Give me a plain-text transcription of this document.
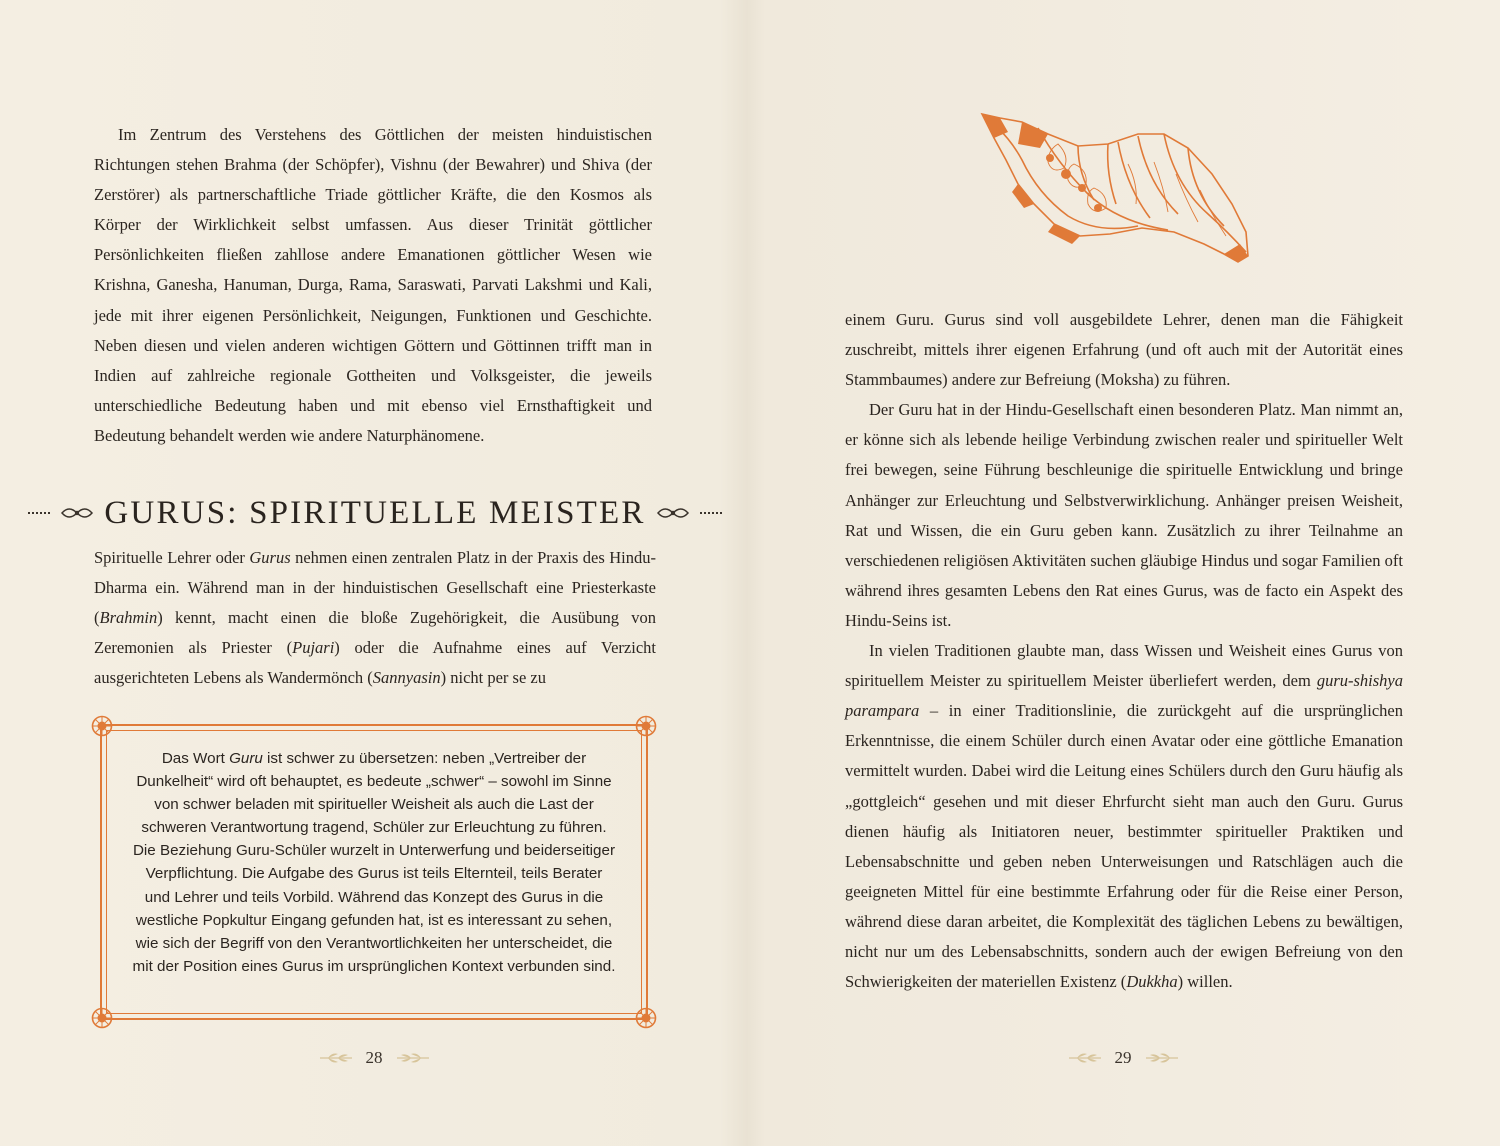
Im Zentrum des Verstehens des Göttlichen der meisten hinduistischen Richtungen stehen Brahma (der Schöpfer), Vishnu (der Bewahrer) und Shiva (der Zerstörer) als partnerschaftliche Triade göttlicher Kräfte, die den Kosmos als Körper der Wirklichkeit selbst umfassen. Aus dieser Trinität göttlicher Persönlichkeiten fließen zahllose andere Emanationen göttlicher Wesen wie Krishna, Ganesha, Hanuman, Durga, Rama, Saraswati, Parvati Lakshmi und Kali, jede mit ihrer eigenen Persönlichkeit, Neigungen, Funktionen und Geschichte. Neben diesen und vielen anderen wichtigen Göttern und Göttinnen trifft man in Indien auf zahlreiche regionale Gottheiten und Volksgeister, die jeweils unterschiedliche Bedeutung haben und mit ebenso viel Ernsthaftigkeit und Bedeutung behandelt werden wie andere Naturphänomene.

GURUS: SPIRITUELLE MEISTER

Spirituelle Lehrer oder Gurus nehmen einen zentralen Platz in der Praxis des Hindu-Dharma ein. Während man in der hinduistischen Gesellschaft eine Priesterkaste (Brahmin) kennt, macht einen die bloße Zugehörigkeit, die Ausübung von Zeremonien als Priester (Pujari) oder die Aufnahme eines auf Verzicht ausgerichteten Lebens als Wandermönch (Sannyasin) nicht per se zu

Das Wort Guru ist schwer zu übersetzen: neben „Vertreiber der Dunkelheit“ wird oft behauptet, es bedeute „schwer“ – sowohl im Sinne von schwer beladen mit spiritueller Weisheit als auch die Last der schweren Verantwortung tragend, Schüler zur Erleuchtung zu führen. Die Beziehung Guru-Schüler wurzelt in Unterwerfung und beiderseitiger Verpflichtung. Die Aufgabe des Gurus ist teils Elternteil, teils Berater und Lehrer und teils Vorbild. Während das Konzept des Gurus in die westliche Popkultur Eingang gefunden hat, ist es interessant zu sehen, wie sich der Begriff von den Verantwortlichkeiten her unterscheidet, die mit der Position eines Gurus im ursprünglichen Kontext verbunden sind.

28

einem Guru. Gurus sind voll ausgebildete Lehrer, denen man die Fähigkeit zuschreibt, mittels ihrer eigenen Erfahrung (und oft auch mit der Autorität eines Stammbaumes) andere zur Befreiung (Moksha) zu führen.

Der Guru hat in der Hindu-Gesellschaft einen besonderen Platz. Man nimmt an, er könne sich als lebende heilige Verbindung zwischen realer und spiritueller Welt frei bewegen, seine Führung beschleunige die spirituelle Entwicklung und bringe Anhänger zur Erleuchtung und Selbstverwirklichung. Anhänger preisen Weisheit, Rat und Wissen, die ein Guru geben kann. Zusätzlich zu ihrer Teilnahme an verschiedenen religiösen Aktivitäten suchen gläubige Hindus und sogar Familien oft während ihres gesamten Lebens den Rat eines Gurus, was de facto ein Aspekt des Hindu-Seins ist.

In vielen Traditionen glaubte man, dass Wissen und Weisheit eines Gurus von spirituellem Meister zu spirituellem Meister überliefert werden, dem guru-shishya parampara – in einer Traditionslinie, die zurückgeht auf die ursprünglichen Erkenntnisse, die einem Schüler durch einen Avatar oder eine göttliche Emanation vermittelt wurden. Dabei wird die Leitung eines Schülers durch den Guru häufig als „gottgleich“ gesehen und mit dieser Ehrfurcht sieht man auch den Guru. Gurus dienen häufig als Initiatoren neuer, bestimmter spiritueller Praktiken und Lebensabschnitte und geben neben Unterweisungen und Ratschlägen auch die geeigneten Mittel für eine bestimmte Erfahrung oder für die Reise einer Person, während diese daran arbeitet, die Komplexität des täglichen Lebens zu bewältigen, nicht nur um des Lebensabschnitts, sondern auch der ewigen Befreiung von den Schwierigkeiten der materiellen Existenz (Dukkha) willen.

29
